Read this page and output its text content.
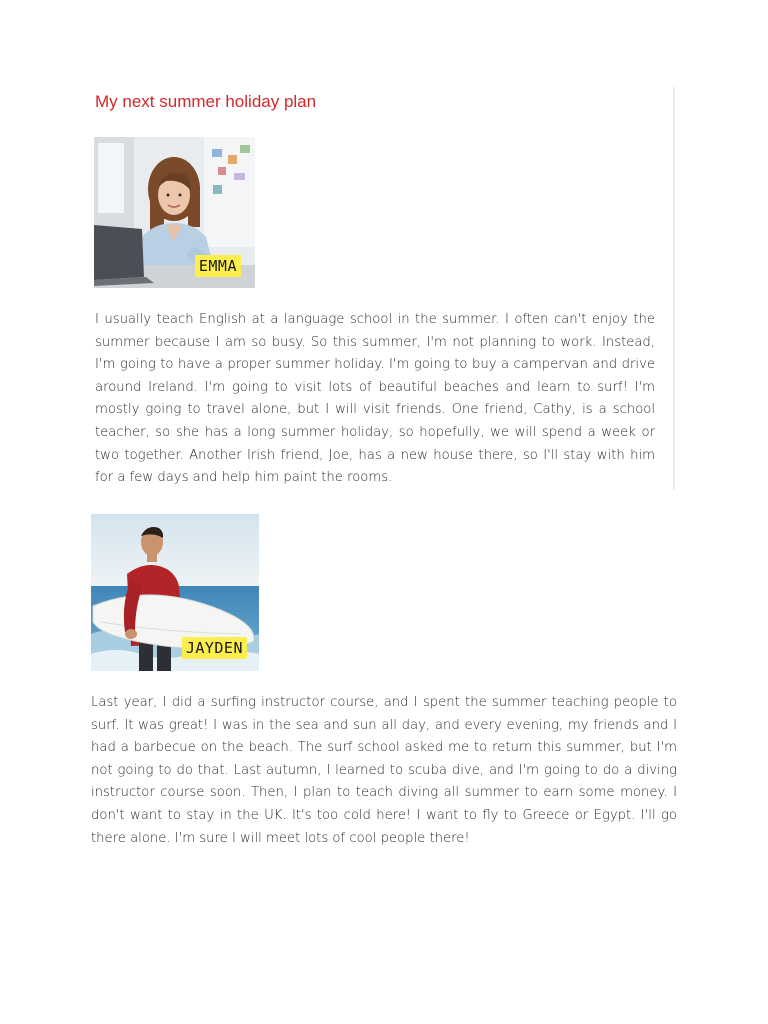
My next summer holiday plan
EMMA

I usually teach English at a language school in the summer. I often can't enjoy the summer because I am so busy. So this summer, I'm not planning to work. Instead, I'm going to have a proper summer holiday. I'm going to buy a campervan and drive around Ireland. I'm going to visit lots of beautiful beaches and learn to surf! I'm mostly going to travel alone, but I will visit friends. One friend, Cathy, is a school teacher, so she has a long summer holiday, so hopefully, we will spend a week or two together. Another Irish friend, Joe, has a new house there, so I'll stay with him for a few days and help him paint the rooms.

JAYDEN

Last year, I did a surfing instructor course, and I spent the summer teaching people to surf. It was great! I was in the sea and sun all day, and every evening, my friends and I had a barbecue on the beach. The surf school asked me to return this summer, but I'm not going to do that. Last autumn, I learned to scuba dive, and I'm going to do a diving instructor course soon. Then, I plan to teach diving all summer to earn some money. I don't want to stay in the UK. It's too cold here! I want to fly to Greece or Egypt. I'll go there alone. I'm sure I will meet lots of cool people there!
